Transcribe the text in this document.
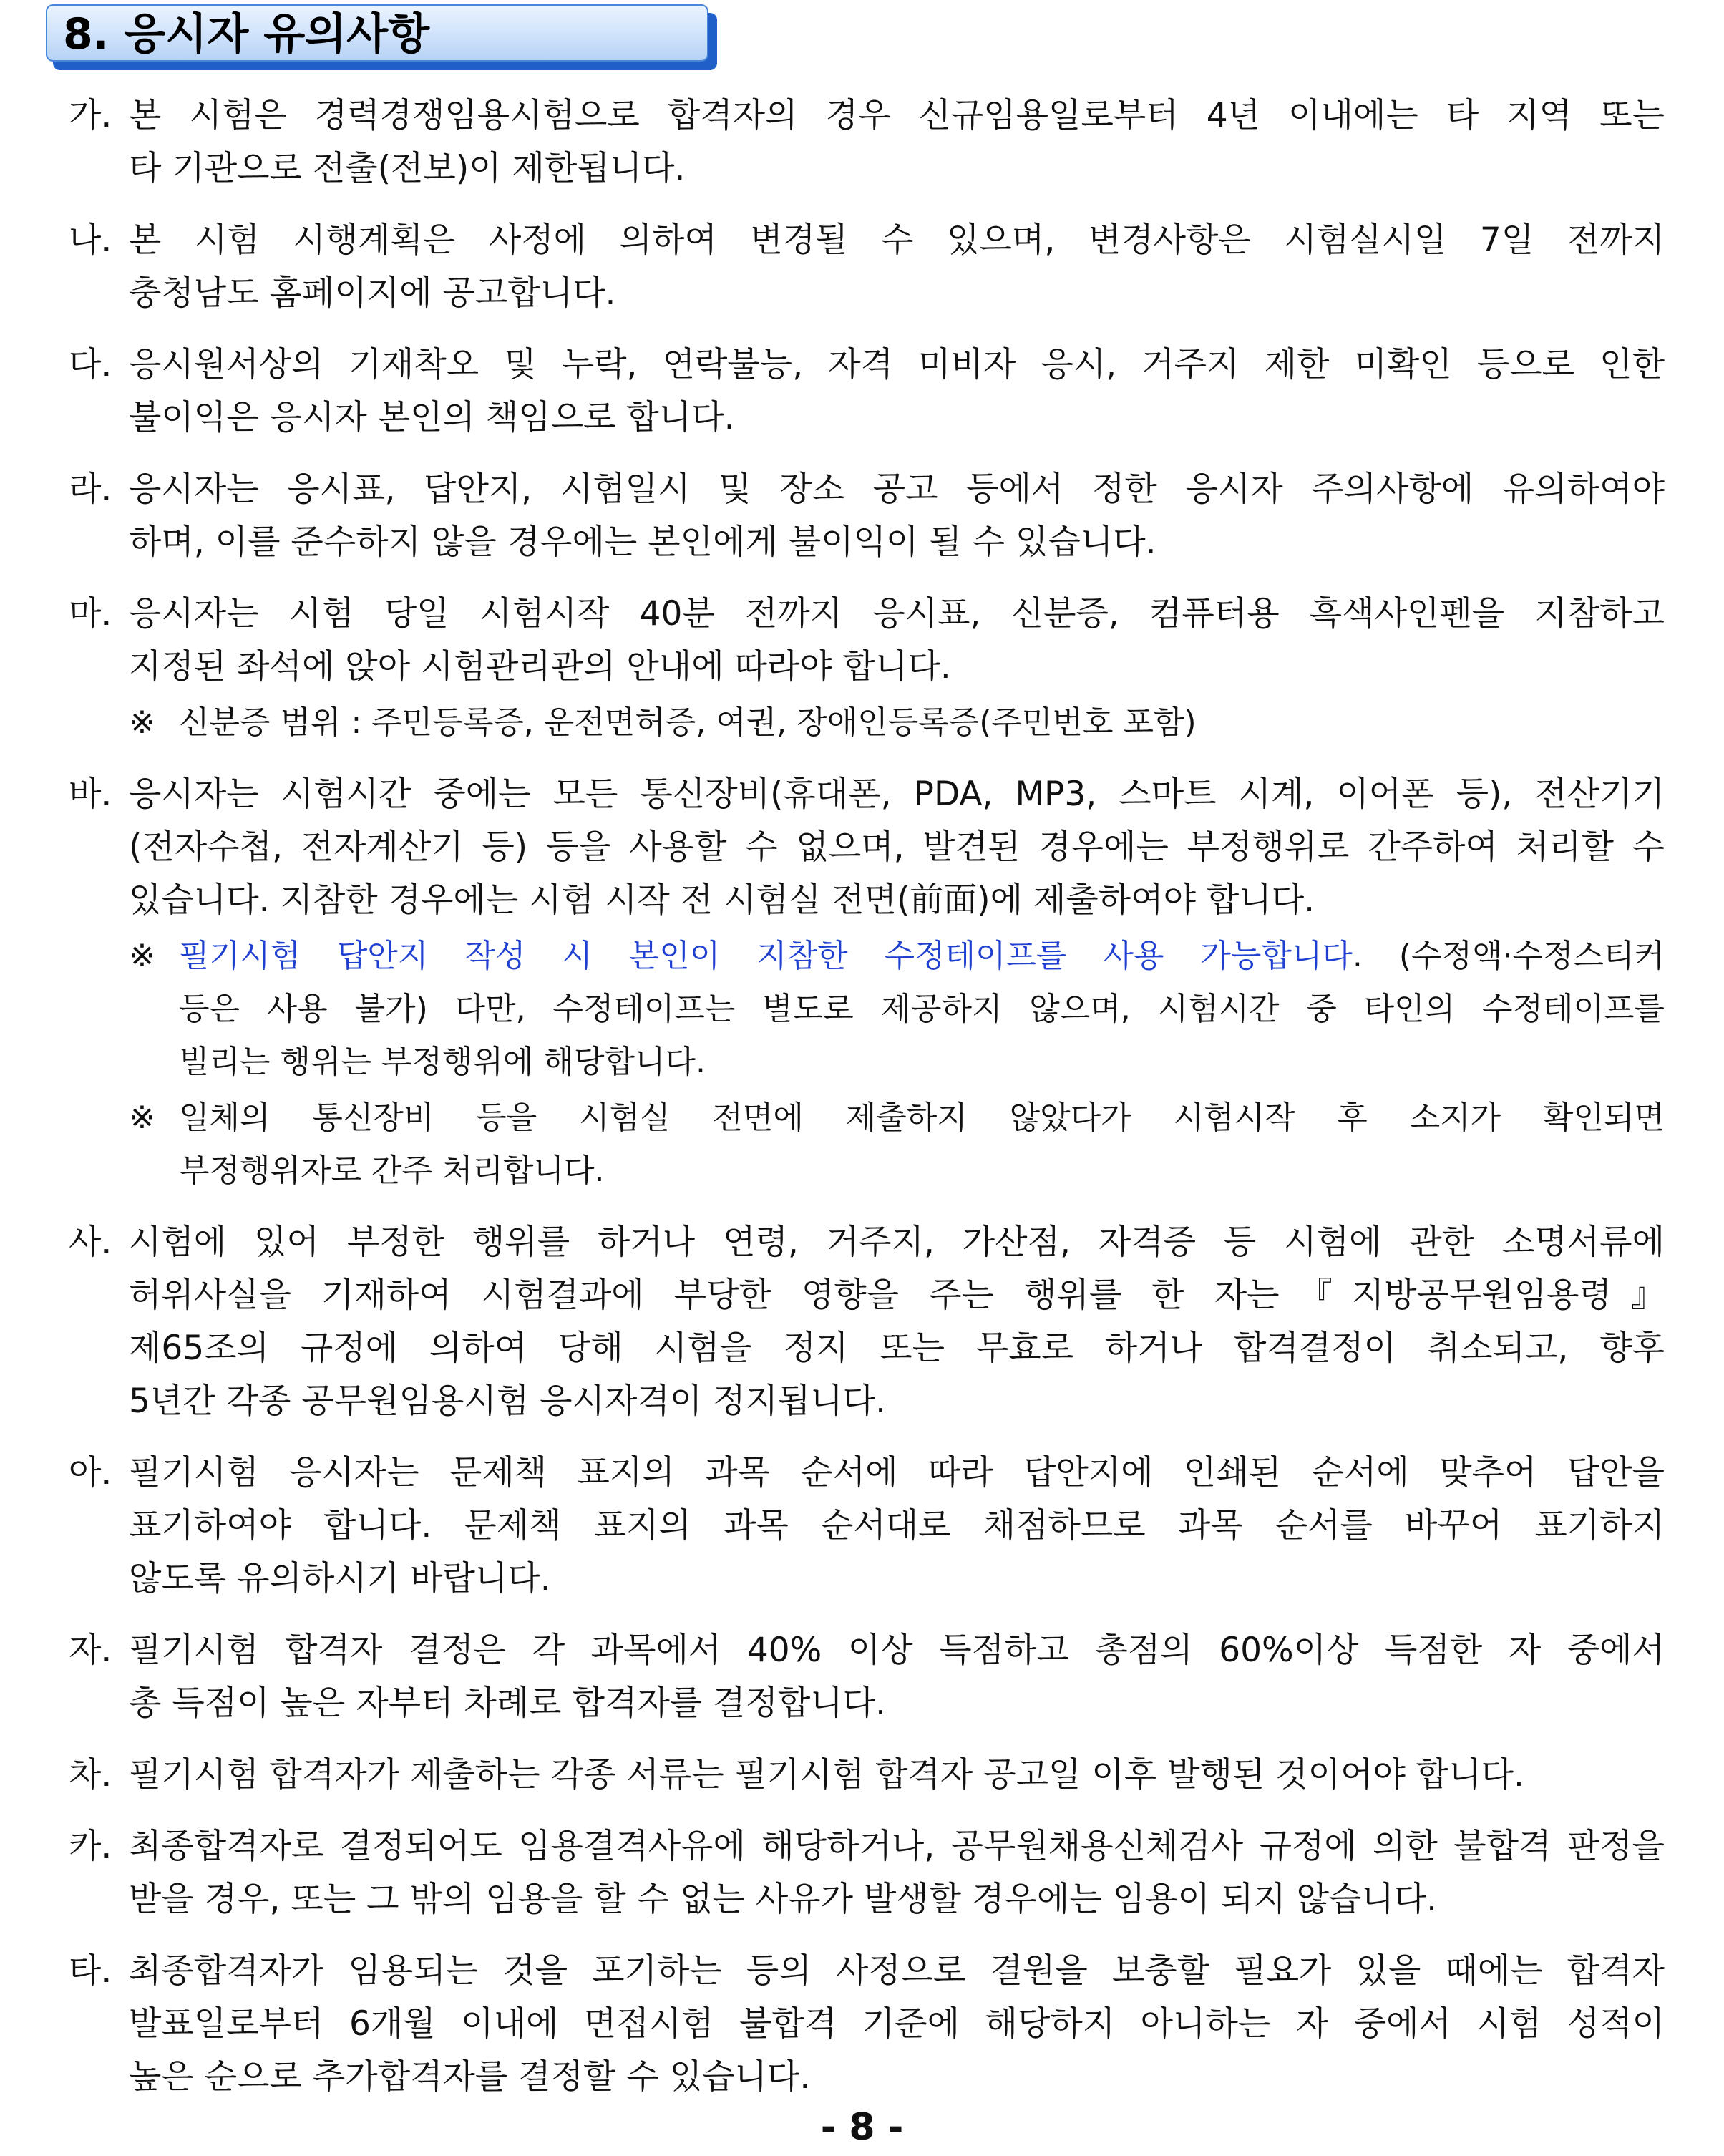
8. 응시자 유의사항
가. 본 시험은 경력경쟁임용시험으로 합격자의 경우 신규임용일로부터 4년 이내에는 타 지역 또는
타 기관으로 전출(전보)이 제한됩니다.
나. 본 시험 시행계획은 사정에 의하여 변경될 수 있으며, 변경사항은 시험실시일 7일 전까지
충청남도 홈페이지에 공고합니다.
다. 응시원서상의 기재착오 및 누락, 연락불능, 자격 미비자 응시, 거주지 제한 미확인 등으로 인한
불이익은 응시자 본인의 책임으로 합니다.
라. 응시자는 응시표, 답안지, 시험일시 및 장소 공고 등에서 정한 응시자 주의사항에 유의하여야
하며, 이를 준수하지 않을 경우에는 본인에게 불이익이 될 수 있습니다.
마. 응시자는 시험 당일 시험시작 40분 전까지 응시표, 신분증, 컴퓨터용 흑색사인펜을 지참하고
지정된 좌석에 앉아 시험관리관의 안내에 따라야 합니다.
※ 신분증 범위 : 주민등록증, 운전면허증, 여권, 장애인등록증(주민번호 포함)
바. 응시자는 시험시간 중에는 모든 통신장비(휴대폰, PDA, MP3, 스마트 시계, 이어폰 등), 전산기기
(전자수첩, 전자계산기 등) 등을 사용할 수 없으며, 발견된 경우에는 부정행위로 간주하여 처리할 수
있습니다. 지참한 경우에는 시험 시작 전 시험실 전면(前面)에 제출하여야 합니다.
※ 필기시험 답안지 작성 시 본인이 지참한 수정테이프를 사용 가능합니다. (수정액·수정스티커
등은 사용 불가) 다만, 수정테이프는 별도로 제공하지 않으며, 시험시간 중 타인의 수정테이프를
빌리는 행위는 부정행위에 해당합니다.
※ 일체의 통신장비 등을 시험실 전면에 제출하지 않았다가 시험시작 후 소지가 확인되면
부정행위자로 간주 처리합니다.
사. 시험에 있어 부정한 행위를 하거나 연령, 거주지, 가산점, 자격증 등 시험에 관한 소명서류에
허위사실을 기재하여 시험결과에 부당한 영향을 주는 행위를 한 자는『지방공무원임용령』
제65조의 규정에 의하여 당해 시험을 정지 또는 무효로 하거나 합격결정이 취소되고, 향후
5년간 각종 공무원임용시험 응시자격이 정지됩니다.
아. 필기시험 응시자는 문제책 표지의 과목 순서에 따라 답안지에 인쇄된 순서에 맞추어 답안을
표기하여야 합니다. 문제책 표지의 과목 순서대로 채점하므로 과목 순서를 바꾸어 표기하지
않도록 유의하시기 바랍니다.
자. 필기시험 합격자 결정은 각 과목에서 40% 이상 득점하고 총점의 60%이상 득점한 자 중에서
총 득점이 높은 자부터 차례로 합격자를 결정합니다.
차. 필기시험 합격자가 제출하는 각종 서류는 필기시험 합격자 공고일 이후 발행된 것이어야 합니다.
카. 최종합격자로 결정되어도 임용결격사유에 해당하거나, 공무원채용신체검사 규정에 의한 불합격 판정을
받을 경우, 또는 그 밖의 임용을 할 수 없는 사유가 발생할 경우에는 임용이 되지 않습니다.
타. 최종합격자가 임용되는 것을 포기하는 등의 사정으로 결원을 보충할 필요가 있을 때에는 합격자
발표일로부터 6개월 이내에 면접시험 불합격 기준에 해당하지 아니하는 자 중에서 시험 성적이
높은 순으로 추가합격자를 결정할 수 있습니다.
- 8 -
